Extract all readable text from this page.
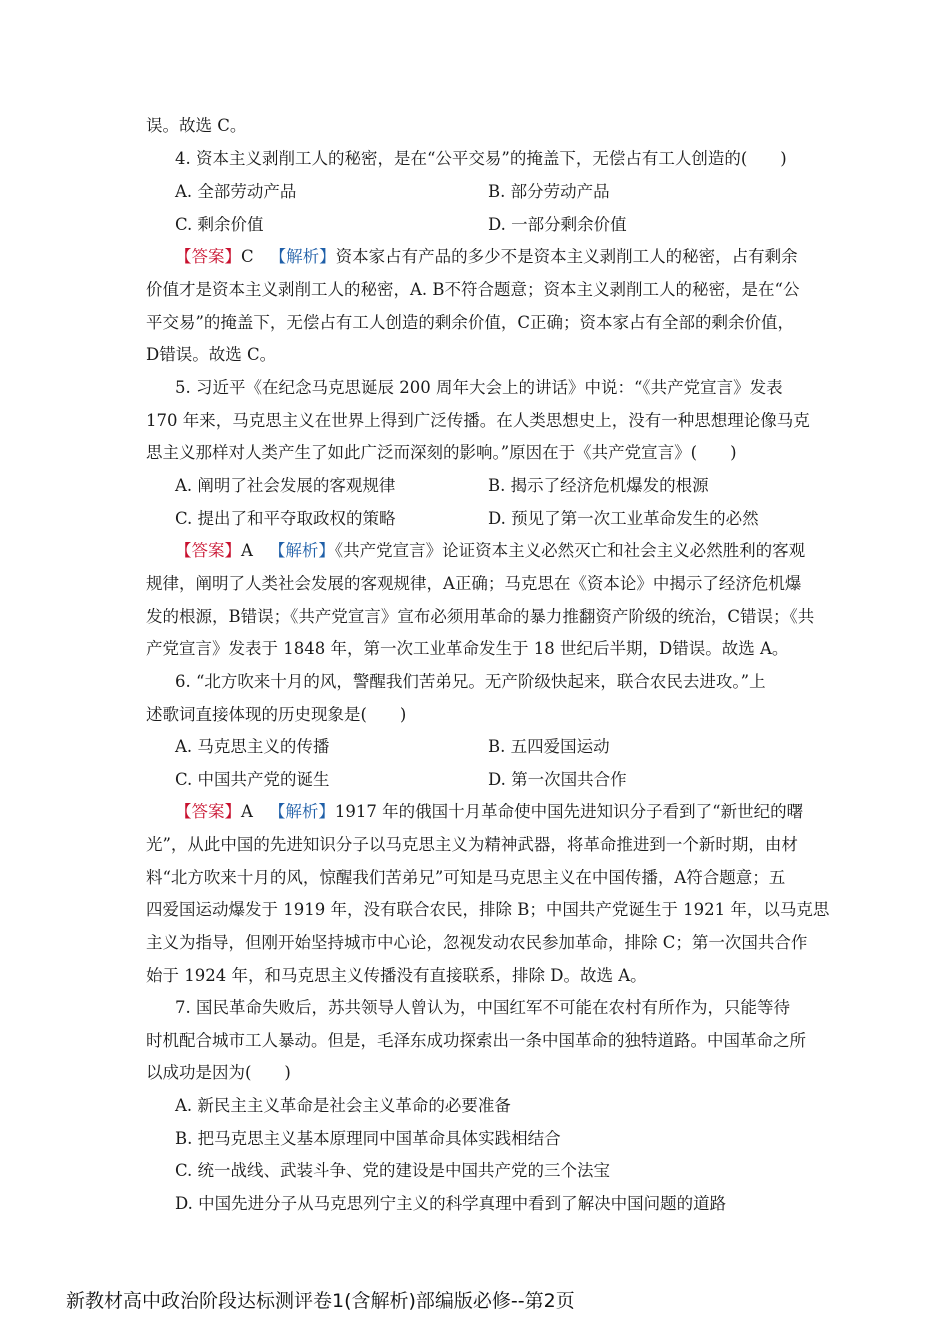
误。故选 C。
4. 资本主义剥削工人的秘密，是在“公平交易”的掩盖下，无偿占有工人创造的(　　)
A. 全部劳动产品	B. 部分劳动产品
C. 剩余价值	D. 一部分剩余价值
【答案】C 【解析】资本家占有产品的多少不是资本主义剥削工人的秘密，占有剩余
价值才是资本主义剥削工人的秘密，A. B不符合题意；资本主义剥削工人的秘密，是在“公
平交易”的掩盖下，无偿占有工人创造的剩余价值，C正确；资本家占有全部的剩余价值，
D错误。故选 C。
5. 习近平《在纪念马克思诞辰 200 周年大会上的讲话》中说：“《共产党宣言》发表
170 年来，马克思主义在世界上得到广泛传播。在人类思想史上，没有一种思想理论像马克
思主义那样对人类产生了如此广泛而深刻的影响。”原因在于《共产党宣言》(　　)
A. 阐明了社会发展的客观规律	B. 揭示了经济危机爆发的根源
C. 提出了和平夺取政权的策略	D. 预见了第一次工业革命发生的必然
【答案】A 【解析】《共产党宣言》论证资本主义必然灭亡和社会主义必然胜利的客观
规律，阐明了人类社会发展的客观规律，A正确；马克思在《资本论》中揭示了经济危机爆
发的根源，B错误；《共产党宣言》宣布必须用革命的暴力推翻资产阶级的统治，C错误；《共
产党宣言》发表于 1848 年，第一次工业革命发生于 18 世纪后半期，D错误。故选 A。
6. “北方吹来十月的风，警醒我们苦弟兄。无产阶级快起来，联合农民去进攻。”上
述歌词直接体现的历史现象是(　　)
A. 马克思主义的传播	B. 五四爱国运动
C. 中国共产党的诞生	D. 第一次国共合作
【答案】A 【解析】1917 年的俄国十月革命使中国先进知识分子看到了“新世纪的曙
光”，从此中国的先进知识分子以马克思主义为精神武器，将革命推进到一个新时期，由材
料“北方吹来十月的风，惊醒我们苦弟兄”可知是马克思主义在中国传播，A符合题意；五
四爱国运动爆发于 1919 年，没有联合农民，排除 B；中国共产党诞生于 1921 年，以马克思
主义为指导，但刚开始坚持城市中心论，忽视发动农民参加革命，排除 C；第一次国共合作
始于 1924 年，和马克思主义传播没有直接联系，排除 D。故选 A。
7. 国民革命失败后，苏共领导人曾认为，中国红军不可能在农村有所作为，只能等待
时机配合城市工人暴动。但是，毛泽东成功探索出一条中国革命的独特道路。中国革命之所
以成功是因为(　　)
A. 新民主主义革命是社会主义革命的必要准备
B. 把马克思主义基本原理同中国革命具体实践相结合
C. 统一战线、武装斗争、党的建设是中国共产党的三个法宝
D. 中国先进分子从马克思列宁主义的科学真理中看到了解决中国问题的道路
新教材高中政治阶段达标测评卷1(含解析)部编版必修--第2页
